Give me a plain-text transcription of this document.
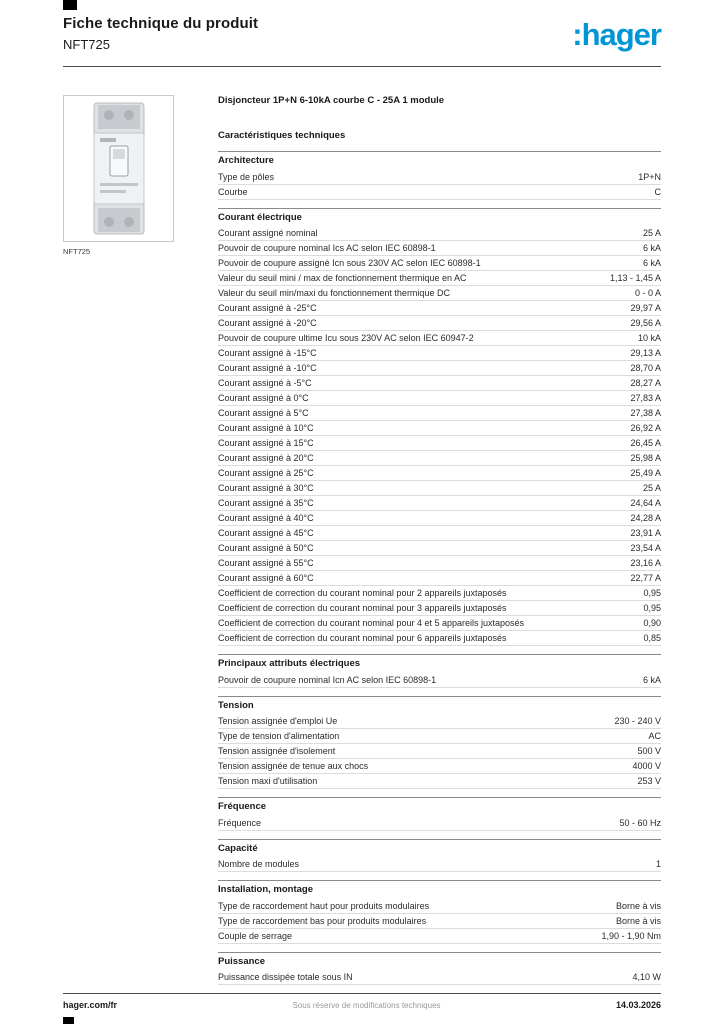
Fiche technique du produit
NFT725	:hager
NFT725
Disjoncteur 1P+N 6-10kA courbe C - 25A 1 module
Caractéristiques techniques
Architecture
Type de pôles	1P+N
Courbe	C
Courant électrique
Courant assigné nominal	25 A
Pouvoir de coupure nominal Ics AC selon IEC 60898-1	6 kA
Pouvoir de coupure assigné Icn sous 230V AC selon IEC 60898-1	6 kA
Valeur du seuil mini / max de fonctionnement thermique en AC	1,13 - 1,45 A
Valeur du seuil min/maxi du fonctionnement thermique DC	0 - 0 A
Courant assigné à -25°C	29,97 A
Courant assigné à -20°C	29,56 A
Pouvoir de coupure ultime Icu sous 230V AC selon IEC 60947-2	10 kA
Courant assigné à -15°C	29,13 A
Courant assigné à -10°C	28,70 A
Courant assigné à -5°C	28,27 A
Courant assigné à 0°C	27,83 A
Courant assigné à 5°C	27,38 A
Courant assigné à 10°C	26,92 A
Courant assigné à 15°C	26,45 A
Courant assigné à 20°C	25,98 A
Courant assigné à 25°C	25,49 A
Courant assigné à 30°C	25 A
Courant assigné à 35°C	24,64 A
Courant assigné à 40°C	24,28 A
Courant assigné à 45°C	23,91 A
Courant assigné à 50°C	23,54 A
Courant assigné à 55°C	23,16 A
Courant assigné à 60°C	22,77 A
Coefficient de correction du courant nominal pour 2 appareils juxtaposés	0,95
Coefficient de correction du courant nominal pour 3 appareils juxtaposés	0,95
Coefficient de correction du courant nominal pour 4 et 5 appareils juxtaposés	0,90
Coefficient de correction du courant nominal pour 6 appareils juxtaposés	0,85
Principaux attributs électriques
Pouvoir de coupure nominal Icn AC selon IEC 60898-1	6 kA
Tension
Tension assignée d'emploi Ue	230 - 240 V
Type de tension d'alimentation	AC
Tension assignée d'isolement	500 V
Tension assignée de tenue aux chocs	4000 V
Tension maxi d'utilisation	253 V
Fréquence
Fréquence	50 - 60 Hz
Capacité
Nombre de modules	1
Installation, montage
Type de raccordement haut pour produits modulaires	Borne à vis
Type de raccordement bas pour produits modulaires	Borne à vis
Couple de serrage	1,90 - 1,90 Nm
Puissance
Puissance dissipée totale sous IN	4,10 W
hager.com/fr	Sous réserve de modifications techniques	14.03.2026
